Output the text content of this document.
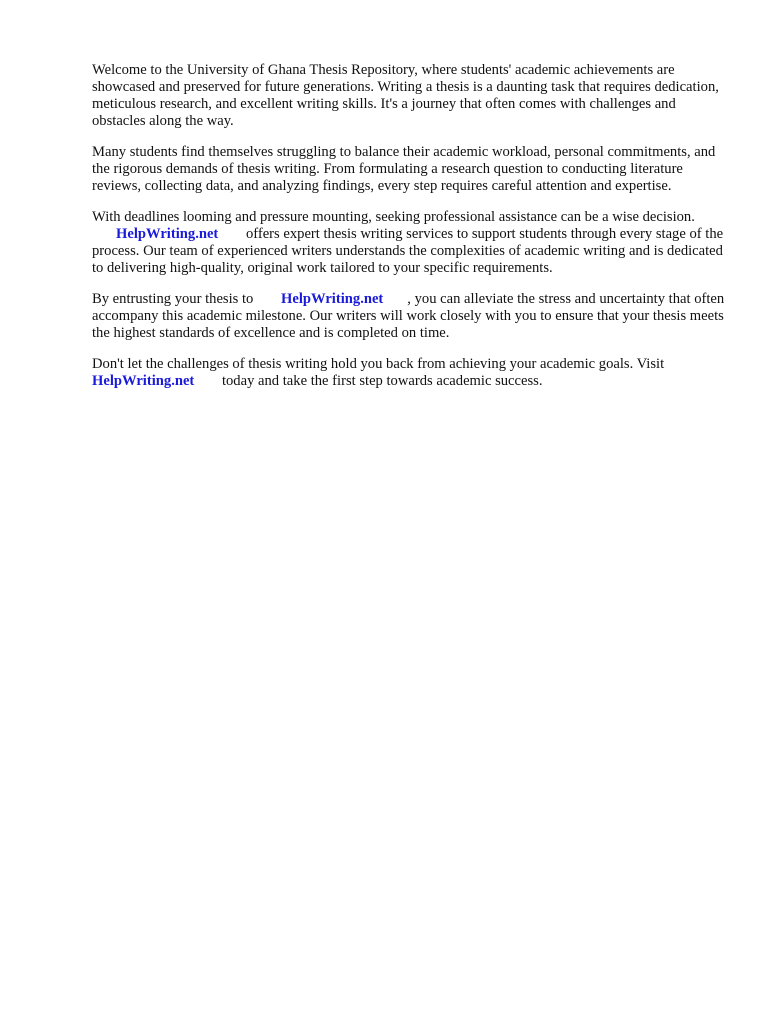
Welcome to the University of Ghana Thesis Repository, where students' academic achievements are showcased and preserved for future generations. Writing a thesis is a daunting task that requires dedication, meticulous research, and excellent writing skills. It's a journey that often comes with challenges and obstacles along the way.

Many students find themselves struggling to balance their academic workload, personal commitments, and the rigorous demands of thesis writing. From formulating a research question to conducting literature reviews, collecting data, and analyzing findings, every step requires careful attention and expertise.

With deadlines looming and pressure mounting, seeking professional assistance can be a wise decision. HelpWriting.net offers expert thesis writing services to support students through every stage of the process. Our team of experienced writers understands the complexities of academic writing and is dedicated to delivering high-quality, original work tailored to your specific requirements.

By entrusting your thesis to HelpWriting.net , you can alleviate the stress and uncertainty that often accompany this academic milestone. Our writers will work closely with you to ensure that your thesis meets the highest standards of excellence and is completed on time.

Don't let the challenges of thesis writing hold you back from achieving your academic goals. Visit
HelpWriting.net today and take the first step towards academic success.
